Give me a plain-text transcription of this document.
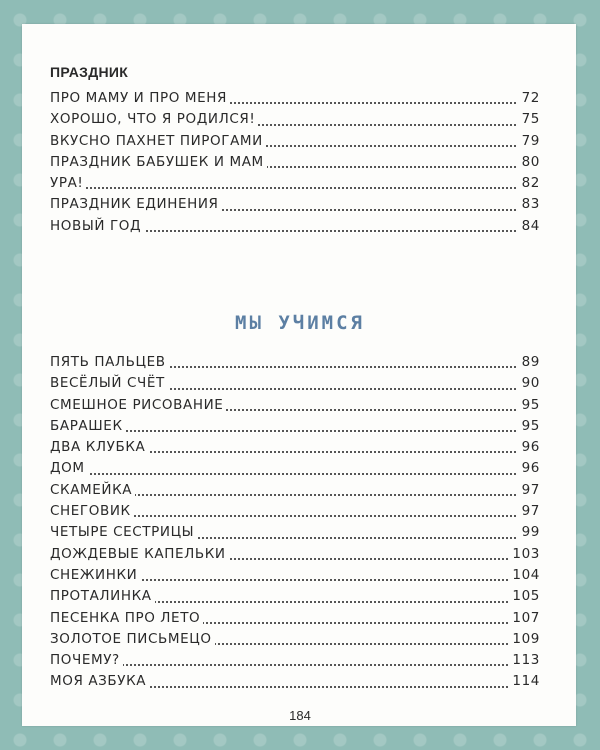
ПРАЗДНИК
ПРО МАМУ И ПРО МЕНЯ	72
ХОРОШО, ЧТО Я РОДИЛСЯ!	75
ВКУСНО ПАХНЕТ ПИРОГАМИ	79
ПРАЗДНИК БАБУШЕК И МАМ	80
УРА!	82
ПРАЗДНИК ЕДИНЕНИЯ	83
НОВЫЙ ГОД	84
МЫ УЧИМСЯ
ПЯТЬ ПАЛЬЦЕВ	89
ВЕСЁЛЫЙ СЧЁТ	90
СМЕШНОЕ РИСОВАНИЕ	95
БАРАШЕК	95
ДВА КЛУБКА	96
ДОМ	96
СКАМЕЙКА	97
СНЕГОВИК	97
ЧЕТЫРЕ СЕСТРИЦЫ	99
ДОЖДЕВЫЕ КАПЕЛЬКИ	103
СНЕЖИНКИ	104
ПРОТАЛИНКА	105
ПЕСЕНКА ПРО ЛЕТО	107
ЗОЛОТОЕ ПИСЬМЕЦО	109
ПОЧЕМУ?	113
МОЯ АЗБУКА	114
184
